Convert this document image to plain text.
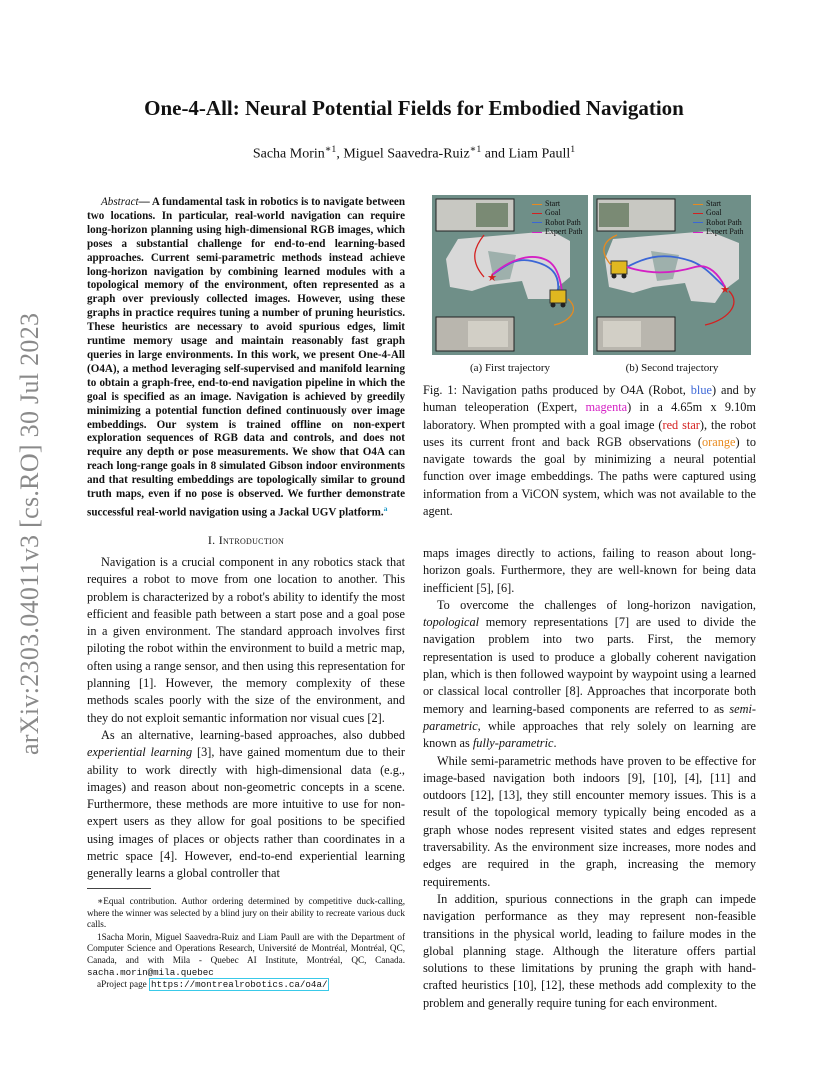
arXiv:2303.04011v3 [cs.RO] 30 Jul 2023
One-4-All: Neural Potential Fields for Embodied Navigation
Sacha Morin$^{∗1}$, Miguel Saavedra-Ruiz$^{∗1}$ and Liam Paull$^1$
Abstract— A fundamental task in robotics is to navigate between two locations. In particular, real-world navigation can require long-horizon planning using high-dimensional RGB images, which poses a substantial challenge for end-to-end learning-based approaches. Current semi-parametric methods instead achieve long-horizon navigation by combining learned modules with a topological memory of the environment, often represented as a graph over previously collected images. However, using these graphs in practice requires tuning a number of pruning heuristics. These heuristics are necessary to avoid spurious edges, limit runtime memory usage and maintain reasonably fast graph queries in large environments. In this work, we present One-4-All (O4A), a method leveraging self-supervised and manifold learning to obtain a graph-free, end-to-end navigation pipeline in which the goal is specified as an image. Navigation is achieved by greedily minimizing a potential function defined continuously over image embeddings. Our system is trained offline on non-expert exploration sequences of RGB data and controls, and does not require any depth or pose measurements. We show that O4A can reach long-range goals in 8 simulated Gibson indoor environments and that resulting embeddings are topologically similar to ground truth maps, even if no pose is observed. We further demonstrate successful real-world navigation using a Jackal UGV platform.$^a$
I. Introduction

Navigation is a crucial component in any robotics stack that requires a robot to move from one location to another. This problem is characterized by a robot's ability to identify the most efficient and feasible path between a start pose and a goal pose in a given environment. The standard approach involves first piloting the robot within the environment to build a metric map, often using a range sensor, and then using this representation for planning [1]. However, the memory complexity of these methods scales poorly with the size of the environment, and they do not exploit semantic information nor visual cues [2].

As an alternative, learning-based approaches, also dubbed experiential learning [3], have gained momentum due to their ability to work directly with high-dimensional data (e.g., images) and reason about non-geometric concepts in a scene. Furthermore, these methods are more intuitive to use for non-expert users as they allow for goal positions to be specified using images of places or objects rather than coordinates in a metric space [4]. However, end-to-end experiential learning generally learns a global controller that

∗Equal contribution. Author ordering determined by competitive duck-calling, where the winner was selected by a blind jury on their ability to recreate various duck calls.

1Sacha Morin, Miguel Saavedra-Ruiz and Liam Paull are with the Department of Computer Science and Operations Research, Université de Montréal, Montréal, QC, Canada, and with Mila - Quebec AI Institute, Montréal, QC, Canada. sacha.morin@mila.quebec

aProject page https://montrealrobotics.ca/o4a/

★
★
Start
Goal
Robot Path
Expert Path
Start
Goal
Robot Path
Expert Path
(a) First trajectory	(b) Second trajectory
Fig. 1: Navigation paths produced by O4A (Robot, blue) and by human teleoperation (Expert, magenta) in a 4.65m x 9.10m laboratory. When prompted with a goal image (red star), the robot uses its current front and back RGB observations (orange) to navigate towards the goal by minimizing a neural potential function over image embeddings. The paths were captured using information from a ViCON system, which was not available to the agent.

maps images directly to actions, failing to reason about long-horizon goals. Furthermore, they are well-known for being data inefficient [5], [6].

To overcome the challenges of long-horizon navigation, topological memory representations [7] are used to divide the navigation problem into two parts. First, the memory representation is used to produce a globally coherent navigation plan, which is then followed waypoint by waypoint using a learned or classical local controller [8]. Approaches that incorporate both memory and learning-based components are referred to as semi-parametric, while approaches that rely solely on learning are known as fully-parametric.

While semi-parametric methods have proven to be effective for image-based navigation both indoors [9], [10], [4], [11] and outdoors [12], [13], they still encounter memory issues. This is a result of the topological memory typically being encoded as a graph whose nodes represent visited states and edges represent traversability. As the environment size increases, more nodes and edges are required in the graph, increasing the memory requirements.

In addition, spurious connections in the graph can impede navigation performance as they may represent non-feasible transitions in the physical world, leading to failure modes in the global planning stage. Although the literature offers partial solutions to these limitations by pruning the graph with hand-crafted heuristics [10], [12], these methods add complexity to the problem and generally require tuning for each environment.
